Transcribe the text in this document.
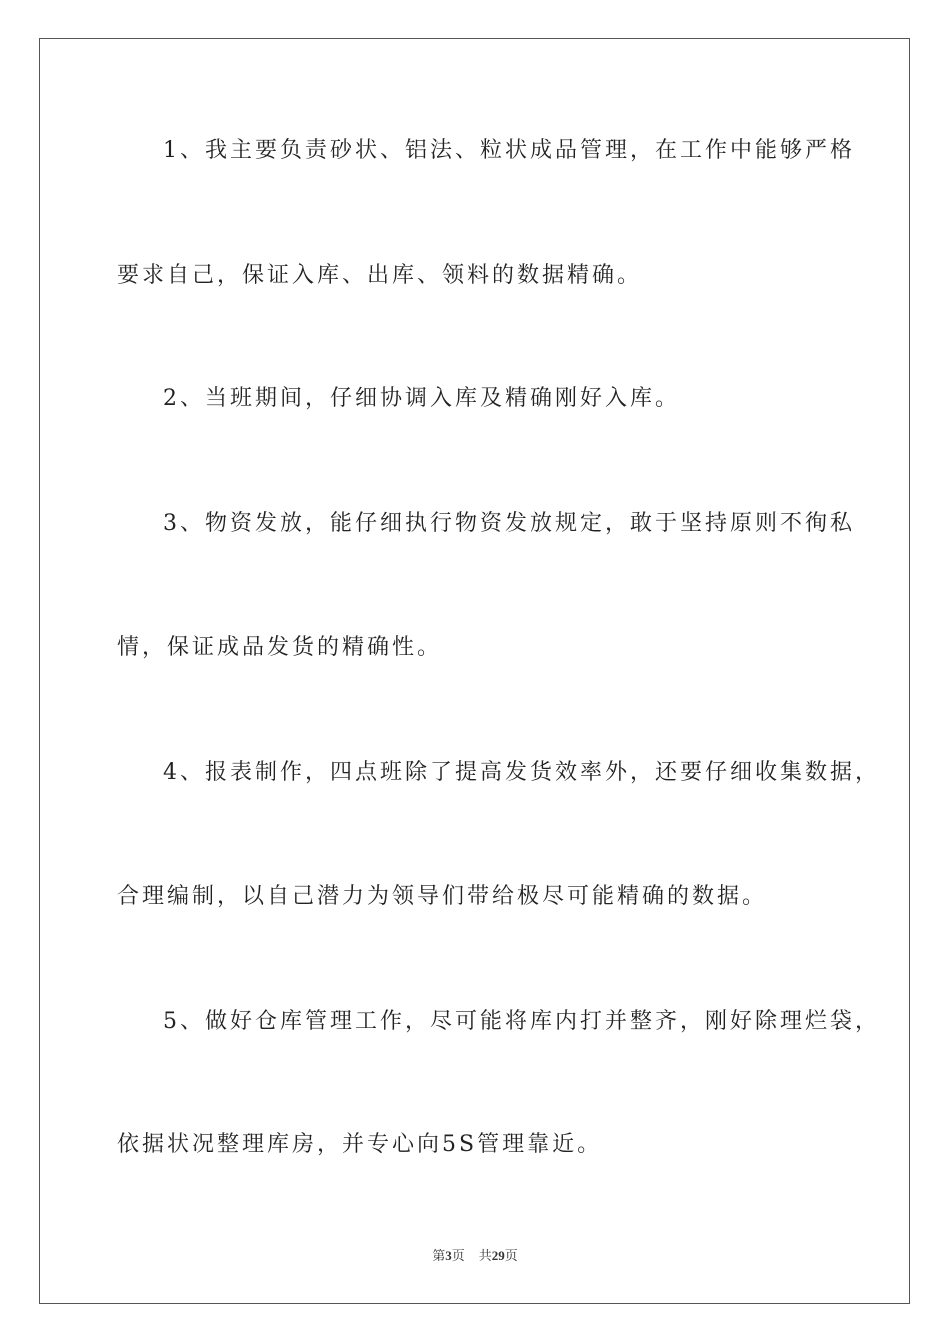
1、我主要负责砂状、铝法、粒状成品管理，在工作中能够严格
要求自己，保证入库、出库、领料的数据精确。
2、当班期间，仔细协调入库及精确刚好入库。
3、物资发放，能仔细执行物资发放规定，敢于坚持原则不徇私
情，保证成品发货的精确性。
4、报表制作，四点班除了提高发货效率外，还要仔细收集数据，
合理编制，以自己潜力为领导们带给极尽可能精确的数据。
5、做好仓库管理工作，尽可能将库内打并整齐，刚好除理烂袋，
依据状况整理库房，并专心向5S管理靠近。
第3页 共29页
